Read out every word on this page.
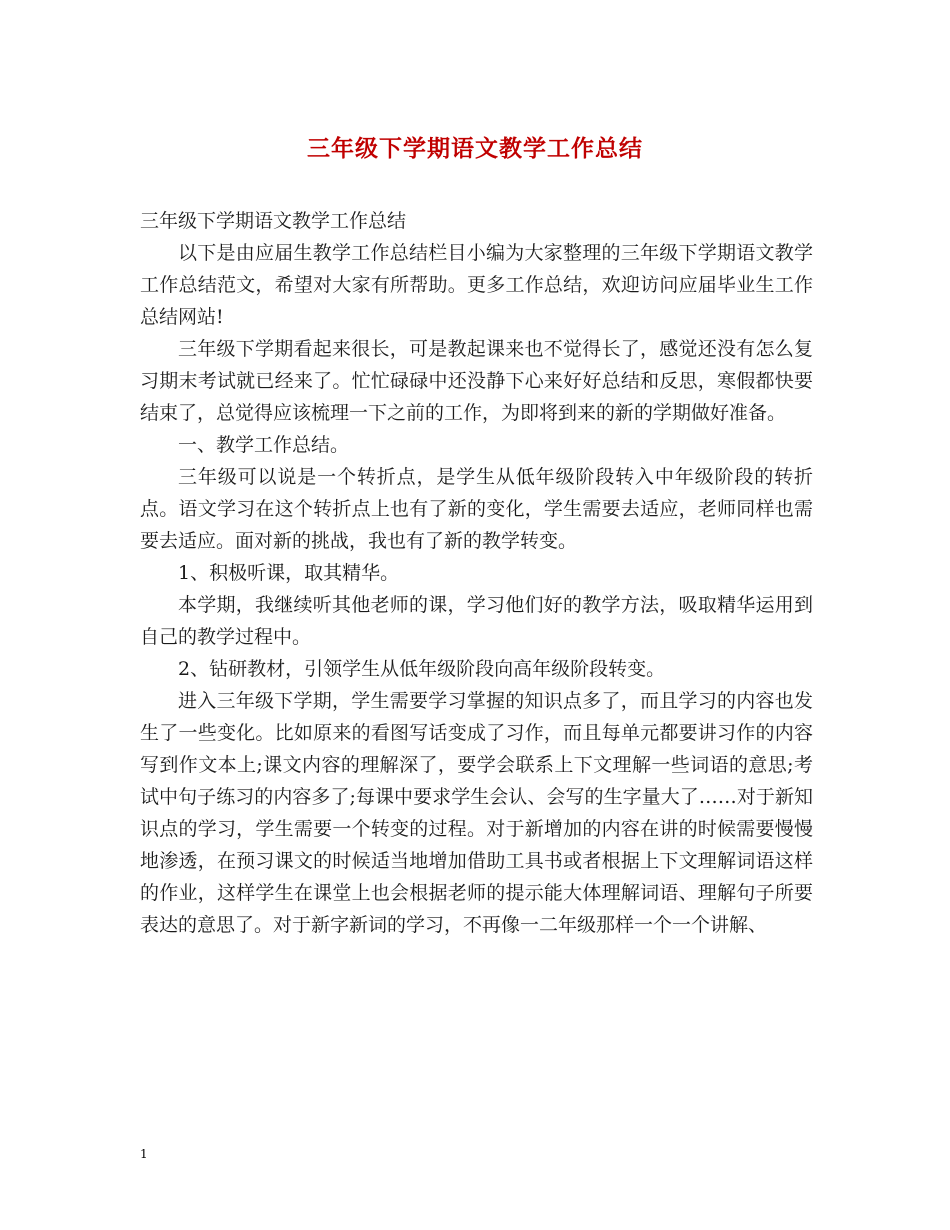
三年级下学期语文教学工作总结

三年级下学期语文教学工作总结

以下是由应届生教学工作总结栏目小编为大家整理的三年级下学期语文教学工作总结范文，希望对大家有所帮助。更多工作总结，欢迎访问应届毕业生工作总结网站!

三年级下学期看起来很长，可是教起课来也不觉得长了，感觉还没有怎么复习期末考试就已经来了。忙忙碌碌中还没静下心来好好总结和反思，寒假都快要结束了，总觉得应该梳理一下之前的工作，为即将到来的新的学期做好准备。

一、教学工作总结。

三年级可以说是一个转折点，是学生从低年级阶段转入中年级阶段的转折点。语文学习在这个转折点上也有了新的变化，学生需要去适应，老师同样也需要去适应。面对新的挑战，我也有了新的教学转变。

1、积极听课，取其精华。

本学期，我继续听其他老师的课，学习他们好的教学方法，吸取精华运用到自己的教学过程中。

2、钻研教材，引领学生从低年级阶段向高年级阶段转变。

进入三年级下学期，学生需要学习掌握的知识点多了，而且学习的内容也发生了一些变化。比如原来的看图写话变成了习作，而且每单元都要讲习作的内容写到作文本上;课文内容的理解深了，要学会联系上下文理解一些词语的意思;考试中句子练习的内容多了;每课中要求学生会认、会写的生字量大了……对于新知识点的学习，学生需要一个转变的过程。对于新增加的内容在讲的时候需要慢慢地渗透，在预习课文的时候适当地增加借助工具书或者根据上下文理解词语这样的作业，这样学生在课堂上也会根据老师的提示能大体理解词语、理解句子所要表达的意思了。对于新字新词的学习，不再像一二年级那样一个一个讲解、

1
